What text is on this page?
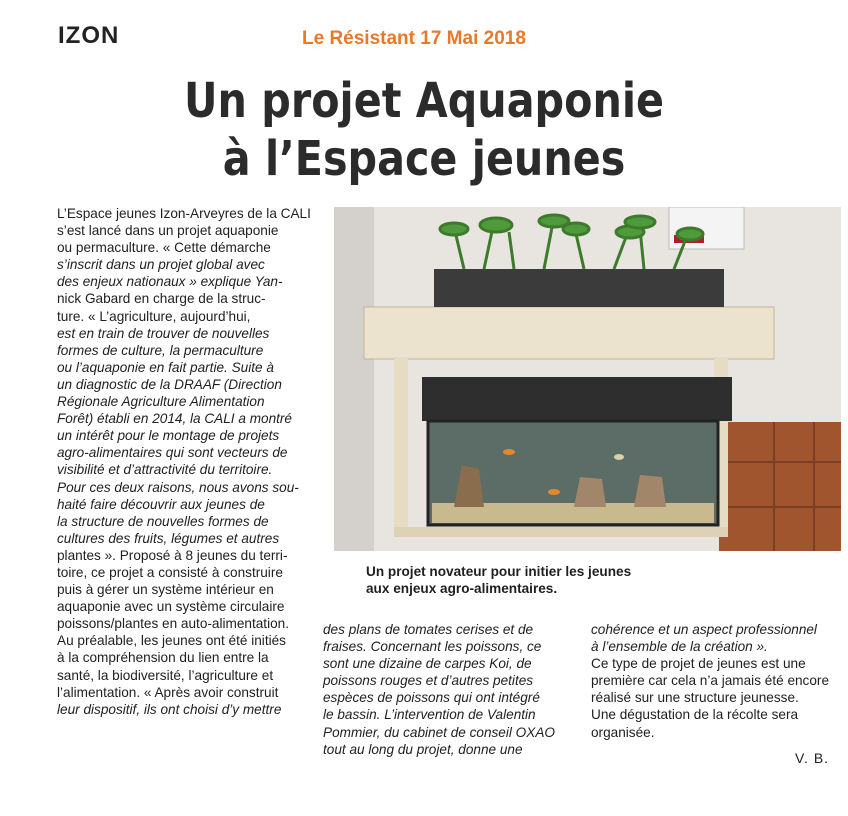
IZON	Le Résistant 17 Mai 2018
Un projet Aquaponie
à l’Espace jeunes
L’Espace jeunes Izon-Arveyres de la CALI
s’est lancé dans un projet aquaponie
ou permaculture. « Cette démarche
s’inscrit dans un projet global avec
des enjeux nationaux » explique Yan-
nick Gabard en charge de la struc-
ture. « L’agriculture, aujourd’hui,
est en train de trouver de nouvelles
formes de culture, la permaculture
ou l’aquaponie en fait partie. Suite à
un diagnostic de la DRAAF (Direction
Régionale Agriculture Alimentation
Forêt) établi en 2014, la CALI a montré
un intérêt pour le montage de projets
agro-alimentaires qui sont vecteurs de
visibilité et d’attractivité du territoire.
Pour ces deux raisons, nous avons sou-
haité faire découvrir aux jeunes de
la structure de nouvelles formes de
cultures des fruits, légumes et autres
plantes ». Proposé à 8 jeunes du terri-
toire, ce projet a consisté à construire
puis à gérer un système intérieur en
aquaponie avec un système circulaire
poissons/plantes en auto-alimentation.
Au préalable, les jeunes ont été initiés
à la compréhension du lien entre la
santé, la biodiversité, l’agriculture et
l’alimentation. « Après avoir construit
leur dispositif, ils ont choisi d’y mettre
Un projet novateur pour initier les jeunes
aux enjeux agro-alimentaires.
des plans de tomates cerises et de
fraises. Concernant les poissons, ce
sont une dizaine de carpes Koi, de
poissons rouges et d’autres petites
espèces de poissons qui ont intégré
le bassin. L’intervention de Valentin
Pommier, du cabinet de conseil OXAO
tout au long du projet, donne une
cohérence et un aspect professionnel
à l’ensemble de la création ».
Ce type de projet de jeunes est une
première car cela n’a jamais été encore
réalisé sur une structure jeunesse.
Une dégustation de la récolte sera
organisée.
V. B.
